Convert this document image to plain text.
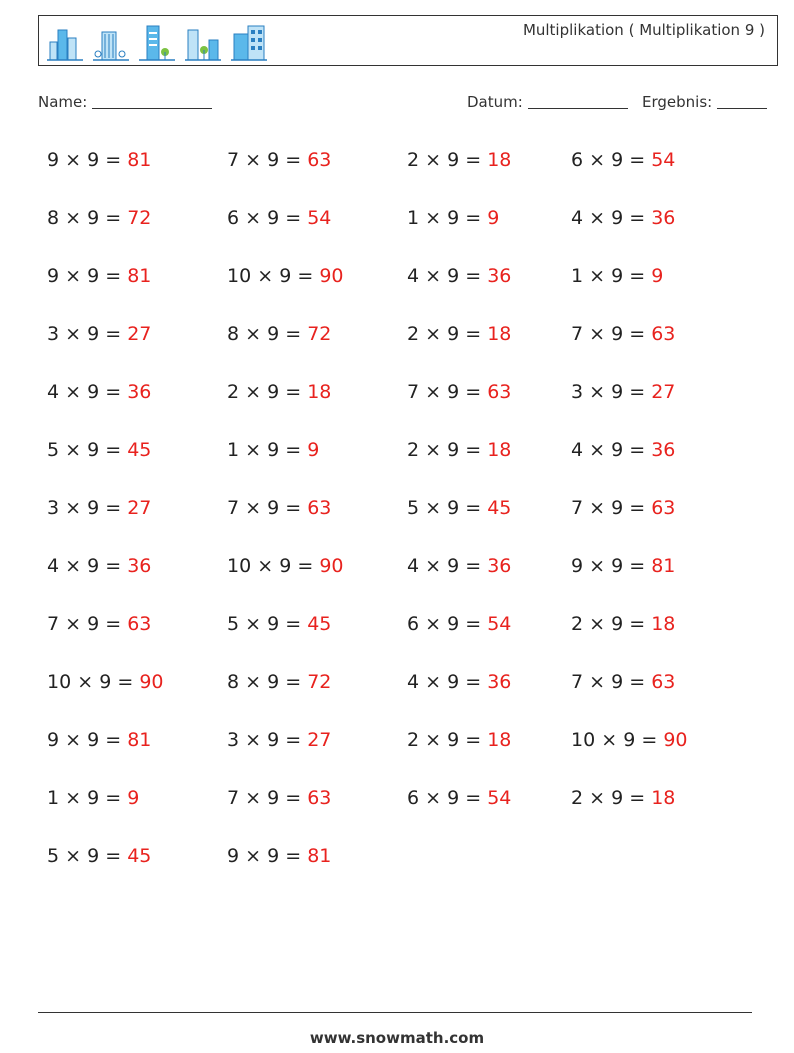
Multiplikation ( Multiplikation 9 )
Name:	Datum:	Ergebnis:
9 × 9 = 81
8 × 9 = 72
9 × 9 = 81
3 × 9 = 27
4 × 9 = 36
5 × 9 = 45
3 × 9 = 27
4 × 9 = 36
7 × 9 = 63
10 × 9 = 90
9 × 9 = 81
1 × 9 = 9
5 × 9 = 45
7 × 9 = 63
6 × 9 = 54
10 × 9 = 90
8 × 9 = 72
2 × 9 = 18
1 × 9 = 9
7 × 9 = 63
10 × 9 = 90
5 × 9 = 45
8 × 9 = 72
3 × 9 = 27
7 × 9 = 63
9 × 9 = 81
2 × 9 = 18
1 × 9 = 9
4 × 9 = 36
2 × 9 = 18
7 × 9 = 63
2 × 9 = 18
5 × 9 = 45
4 × 9 = 36
6 × 9 = 54
4 × 9 = 36
2 × 9 = 18
6 × 9 = 54
6 × 9 = 54
4 × 9 = 36
1 × 9 = 9
7 × 9 = 63
3 × 9 = 27
4 × 9 = 36
7 × 9 = 63
9 × 9 = 81
2 × 9 = 18
7 × 9 = 63
10 × 9 = 90
2 × 9 = 18
www.snowmath.com
